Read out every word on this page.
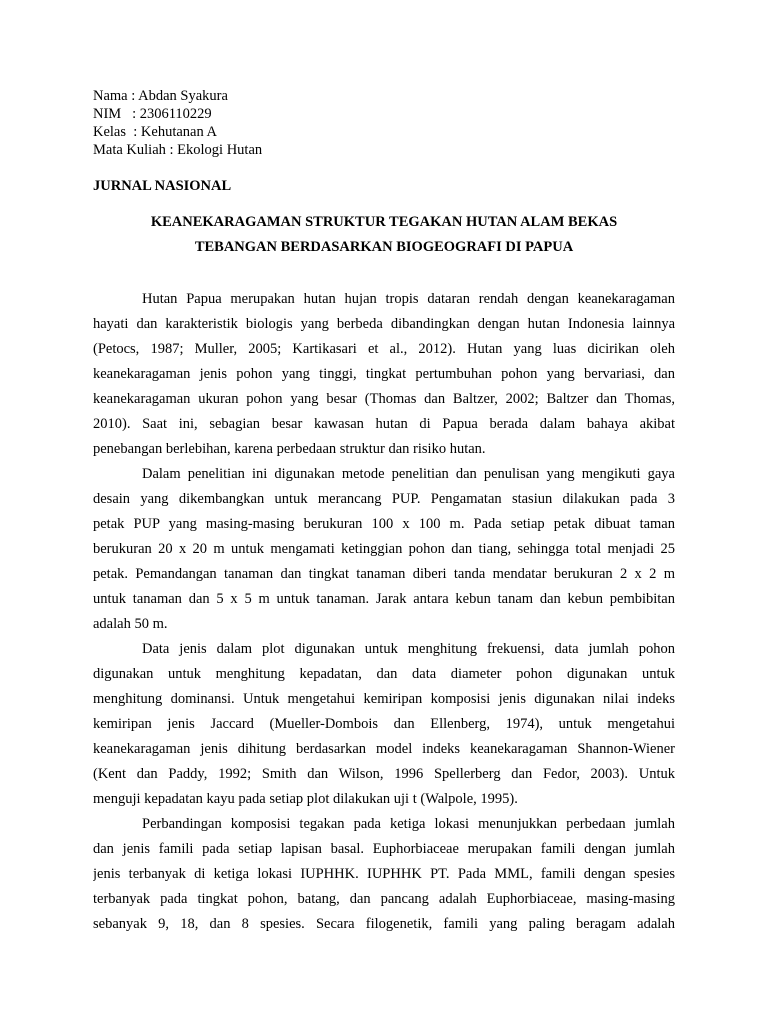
Nama : Abdan Syakura
NIM   : 2306110229
Kelas  : Kehutanan A
Mata Kuliah : Ekologi Hutan
JURNAL NASIONAL
KEANEKARAGAMAN STRUKTUR TEGAKAN HUTAN ALAM BEKAS
TEBANGAN BERDASARKAN BIOGEOGRAFI DI PAPUA
Hutan Papua merupakan hutan hujan tropis dataran rendah dengan keanekaragaman
hayati dan karakteristik biologis yang berbeda dibandingkan dengan hutan Indonesia lainnya
(Petocs, 1987; Muller, 2005; Kartikasari et al., 2012). Hutan yang luas dicirikan oleh
keanekaragaman jenis pohon yang tinggi, tingkat pertumbuhan pohon yang bervariasi, dan
keanekaragaman ukuran pohon yang besar (Thomas dan Baltzer, 2002; Baltzer dan Thomas,
2010). Saat ini, sebagian besar kawasan hutan di Papua berada dalam bahaya akibat
penebangan berlebihan, karena perbedaan struktur dan risiko hutan.
Dalam penelitian ini digunakan metode penelitian dan penulisan yang mengikuti gaya
desain yang dikembangkan untuk merancang PUP. Pengamatan stasiun dilakukan pada 3
petak PUP yang masing-masing berukuran 100 x 100 m. Pada setiap petak dibuat taman
berukuran 20 x 20 m untuk mengamati ketinggian pohon dan tiang, sehingga total menjadi 25
petak. Pemandangan tanaman dan tingkat tanaman diberi tanda mendatar berukuran 2 x 2 m
untuk tanaman dan 5 x 5 m untuk tanaman. Jarak antara kebun tanam dan kebun pembibitan
adalah 50 m.
Data jenis dalam plot digunakan untuk menghitung frekuensi, data jumlah pohon
digunakan untuk menghitung kepadatan, dan data diameter pohon digunakan untuk
menghitung dominansi. Untuk mengetahui kemiripan komposisi jenis digunakan nilai indeks
kemiripan jenis Jaccard (Mueller-Dombois dan Ellenberg, 1974), untuk mengetahui
keanekaragaman jenis dihitung berdasarkan model indeks keanekaragaman Shannon-Wiener
(Kent dan Paddy, 1992; Smith dan Wilson, 1996 Spellerberg dan Fedor, 2003). Untuk
menguji kepadatan kayu pada setiap plot dilakukan uji t (Walpole, 1995).
Perbandingan komposisi tegakan pada ketiga lokasi menunjukkan perbedaan jumlah
dan jenis famili pada setiap lapisan basal. Euphorbiaceae merupakan famili dengan jumlah
jenis terbanyak di ketiga lokasi IUPHHK. IUPHHK PT. Pada MML, famili dengan spesies
terbanyak pada tingkat pohon, batang, dan pancang adalah Euphorbiaceae, masing-masing
sebanyak 9, 18, dan 8 spesies. Secara filogenetik, famili yang paling beragam adalah
